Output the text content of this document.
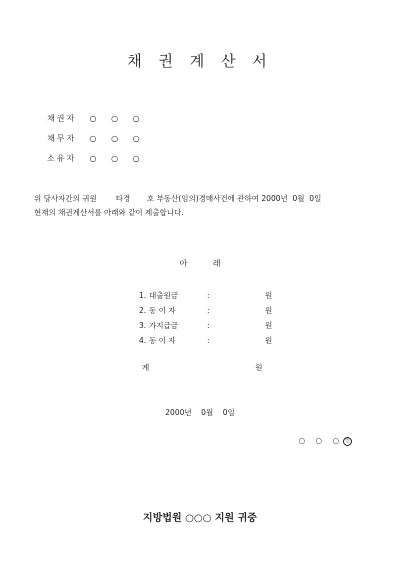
채 권 계 산 서
채권자 ○ ○ ○
채무자 ○ ○ ○
소유자 ○ ○ ○

위 당사자간의 귀원        타경       호 부동산(임의)경매사건에 관하여 2000년  0월  0일

현재의 채권계산서를 아래와 같이 제출합니다.

아          래
1. 대출원금	:	원
2. 동 이 자	:	원
3. 가지급금	:	원
4. 동 이 자	:	원
계	원
2000년    0월    0일
○ ○ ○ 인
지방법원 ○○○ 지원 귀중
